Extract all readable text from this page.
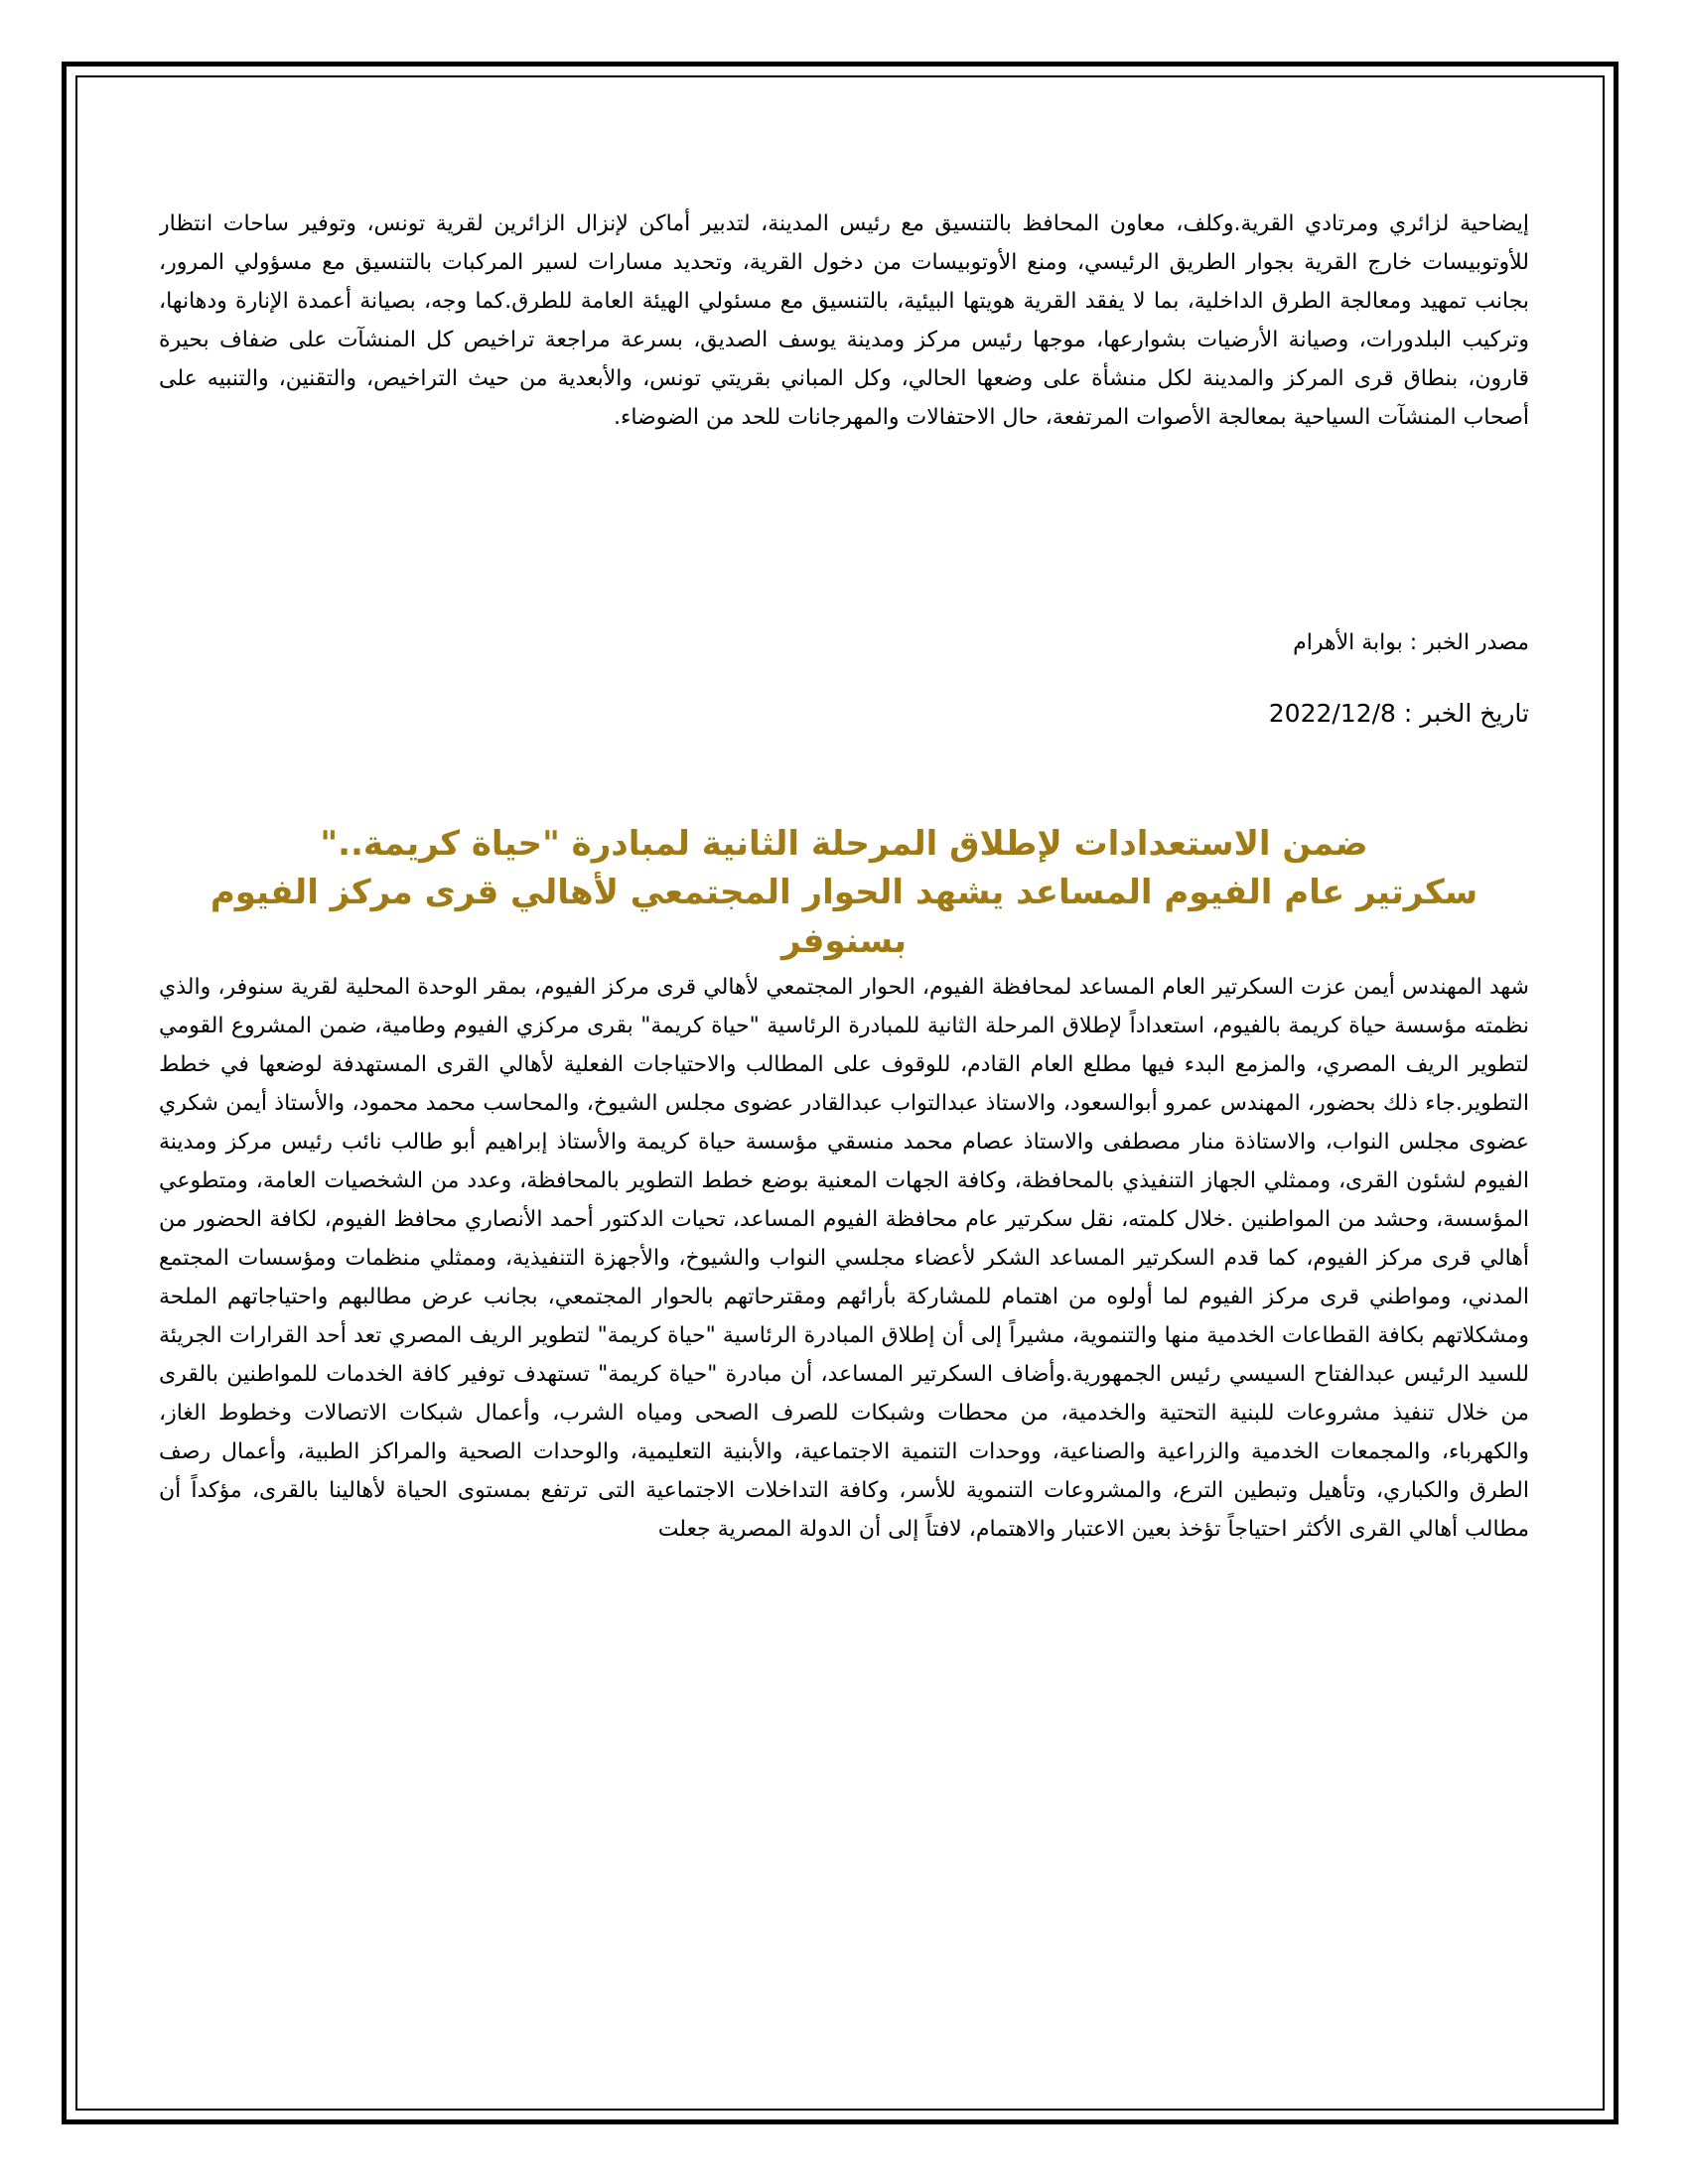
إيضاحية لزائري ومرتادي القرية.وكلف، معاون المحافظ بالتنسيق مع رئيس المدينة، لتدبير أماكن لإنزال الزائرين لقرية تونس، وتوفير ساحات انتظار للأوتوبيسات خارج القرية بجوار الطريق الرئيسي، ومنع الأوتوبيسات من دخول القرية، وتحديد مسارات لسير المركبات بالتنسيق مع مسؤولي المرور، بجانب تمهيد ومعالجة الطرق الداخلية، بما لا يفقد القرية هويتها البيئية، بالتنسيق مع مسئولي الهيئة العامة للطرق.كما وجه، بصيانة أعمدة الإنارة ودهانها، وتركيب البلدورات، وصيانة الأرضيات بشوارعها، موجها رئيس مركز ومدينة يوسف الصديق، بسرعة مراجعة تراخيص كل المنشآت على ضفاف بحيرة قارون، بنطاق قرى المركز والمدينة لكل منشأة على وضعها الحالي، وكل المباني بقريتي تونس، والأبعدية من حيث التراخيص، والتقنين، والتنبيه على أصحاب المنشآت السياحية بمعالجة الأصوات المرتفعة، حال الاحتفالات والمهرجانات للحد من الضوضاء.

مصدر الخبر : بوابة الأهرام

تاريخ الخبر : 2022/12/8

ضمن الاستعدادات لإطلاق المرحلة الثانية لمبادرة "حياة كريمة.."
سكرتير عام الفيوم المساعد يشهد الحوار المجتمعي لأهالي قرى مركز الفيوم
بسنوفر

شهد المهندس أيمن عزت السكرتير العام المساعد لمحافظة الفيوم، الحوار المجتمعي لأهالي قرى مركز الفيوم، بمقر الوحدة المحلية لقرية سنوفر، والذي نظمته مؤسسة حياة كريمة بالفيوم، استعداداً لإطلاق المرحلة الثانية للمبادرة الرئاسية "حياة كريمة" بقرى مركزي الفيوم وطامية، ضمن المشروع القومي لتطوير الريف المصري، والمزمع البدء فيها مطلع العام القادم، للوقوف على المطالب والاحتياجات الفعلية لأهالي القرى المستهدفة لوضعها في خطط التطوير.جاء ذلك بحضور، المهندس عمرو أبوالسعود، والاستاذ عبدالتواب عبدالقادر عضوى مجلس الشيوخ، والمحاسب محمد محمود، والأستاذ أيمن شكري عضوى مجلس النواب، والاستاذة منار مصطفى والاستاذ عصام محمد منسقي مؤسسة حياة كريمة والأستاذ إبراهيم أبو طالب نائب رئيس مركز ومدينة الفيوم لشئون القرى، وممثلي الجهاز التنفيذي بالمحافظة، وكافة الجهات المعنية بوضع خطط التطوير بالمحافظة، وعدد من الشخصيات العامة، ومتطوعي المؤسسة، وحشد من المواطنين .خلال كلمته، نقل سكرتير عام محافظة الفيوم المساعد، تحيات الدكتور أحمد الأنصاري محافظ الفيوم، لكافة الحضور من أهالي قرى مركز الفيوم، كما قدم السكرتير المساعد الشكر لأعضاء مجلسي النواب والشيوخ، والأجهزة التنفيذية، وممثلي منظمات ومؤسسات المجتمع المدني، ومواطني قرى مركز الفيوم لما أولوه من اهتمام للمشاركة بأرائهم ومقترحاتهم بالحوار المجتمعي، بجانب عرض مطالبهم واحتياجاتهم الملحة ومشكلاتهم بكافة القطاعات الخدمية منها والتنموية، مشيراً إلى أن إطلاق المبادرة الرئاسية "حياة كريمة" لتطوير الريف المصري تعد أحد القرارات الجريئة للسيد الرئيس عبدالفتاح السيسي رئيس الجمهورية.وأضاف السكرتير المساعد، أن مبادرة "حياة كريمة" تستهدف توفير كافة الخدمات للمواطنين بالقرى من خلال تنفيذ مشروعات للبنية التحتية والخدمية، من محطات وشبكات للصرف الصحى ومياه الشرب، وأعمال شبكات الاتصالات وخطوط الغاز، والكهرباء، والمجمعات الخدمية والزراعية والصناعية، ووحدات التنمية الاجتماعية، والأبنية التعليمية، والوحدات الصحية والمراكز الطبية، وأعمال رصف الطرق والكباري، وتأهيل وتبطين الترع، والمشروعات التنموية للأسر، وكافة التداخلات الاجتماعية التى ترتفع بمستوى الحياة لأهالينا بالقرى، مؤكداً أن مطالب أهالي القرى الأكثر احتياجاً تؤخذ بعين الاعتبار والاهتمام، لافتاً إلى أن الدولة المصرية جعلت
